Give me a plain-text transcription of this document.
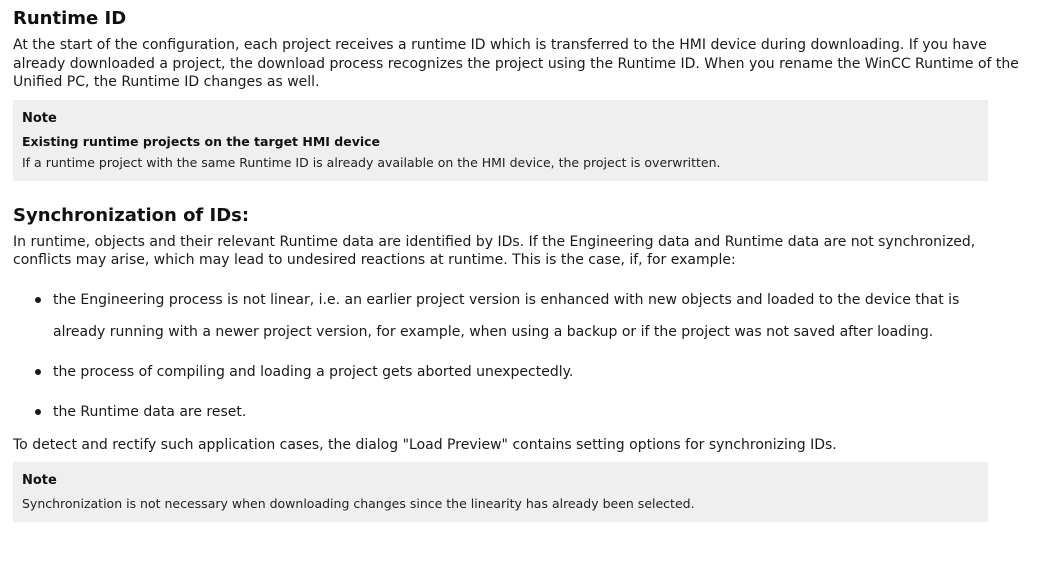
Runtime ID

At the start of the configuration, each project receives a runtime ID which is transferred to the HMI device during downloading. If you have already downloaded a project, the download process recognizes the project using the Runtime ID. When you rename the WinCC Runtime of the Unified PC, the Runtime ID changes as well.

Note
Existing runtime projects on the target HMI device
If a runtime project with the same Runtime ID is already available on the HMI device, the project is overwritten.
Synchronization of IDs:

In runtime, objects and their relevant Runtime data are identified by IDs. If the Engineering data and Runtime data are not synchronized, conflicts may arise, which may lead to undesired reactions at runtime. This is the case, if, for example:

the Engineering process is not linear, i.e. an earlier project version is enhanced with new objects and loaded to the device that is already running with a newer project version, for example, when using a backup or if the project was not saved after loading.
the process of compiling and loading a project gets aborted unexpectedly.
the Runtime data are reset.

To detect and rectify such application cases, the dialog "Load Preview" contains setting options for synchronizing IDs.

Note
Synchronization is not necessary when downloading changes since the linearity has already been selected.
